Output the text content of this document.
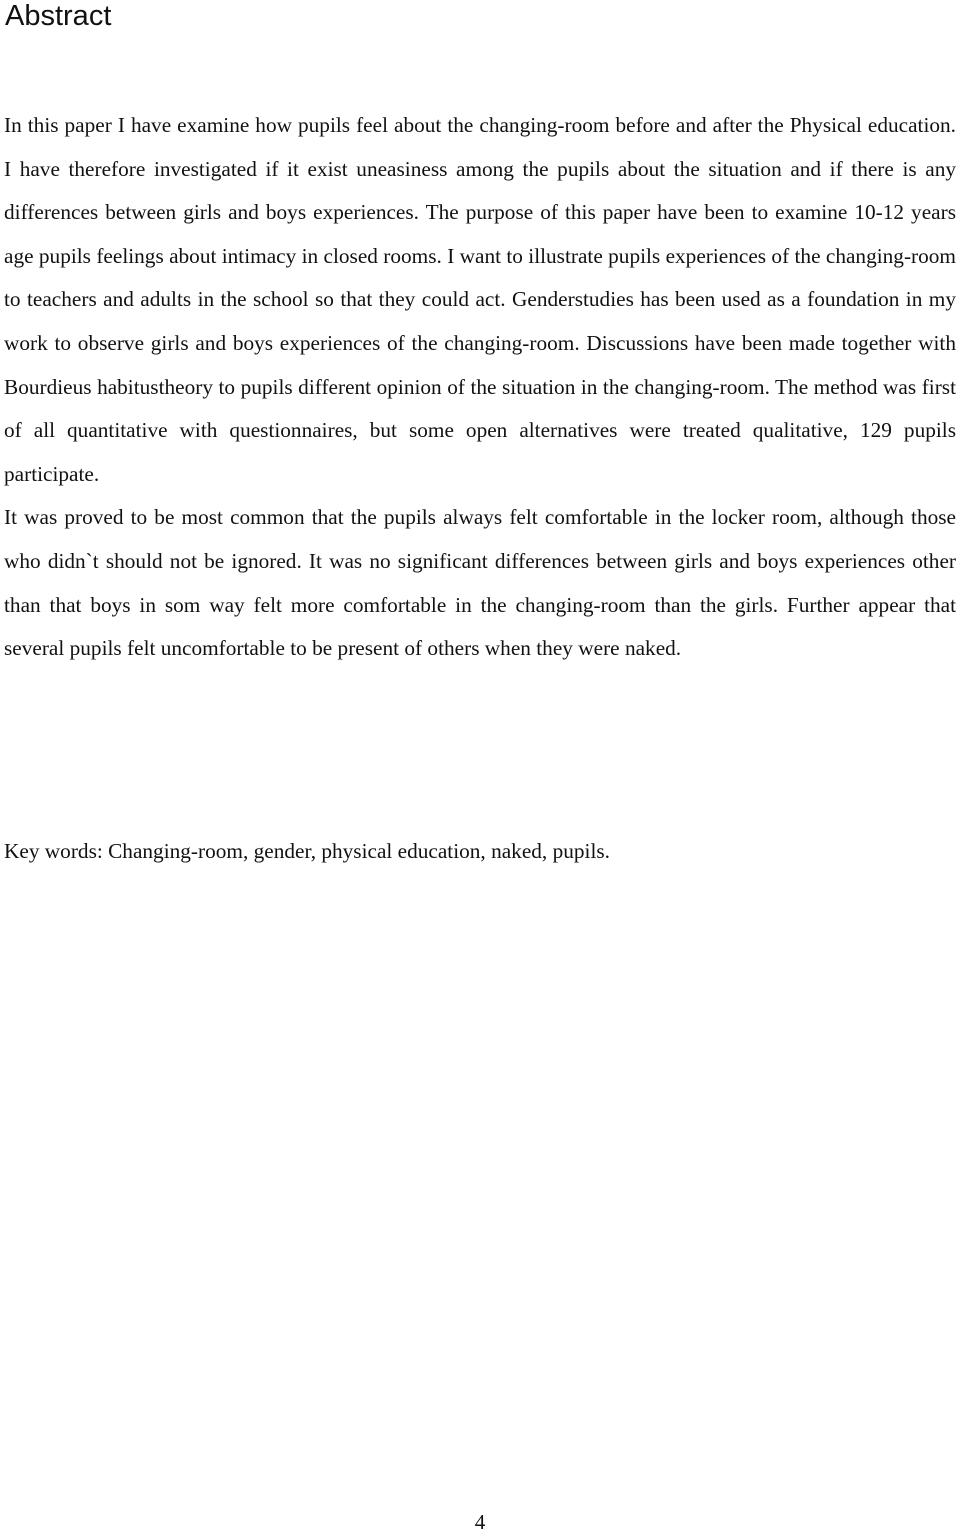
Abstract

In this paper I have examine how pupils feel about the changing-room before and after the Physical education. I have therefore investigated if it exist uneasiness among the pupils about the situation and if there is any differences between girls and boys experiences. The purpose of this paper have been to examine 10-12 years age pupils feelings about intimacy in closed rooms. I want to illustrate pupils experiences of the changing-room to teachers and adults in the school so that they could act. Genderstudies has been used as a foundation in my work to observe girls and boys experiences of the changing-room. Discussions have been made together with Bourdieus habitustheory to pupils different opinion of the situation in the changing-room. The method was first of all quantitative with questionnaires, but some open alternatives were treated qualitative, 129 pupils participate.

It was proved to be most common that the pupils always felt comfortable in the locker room, although those who didn`t should not be ignored. It was no significant differences between girls and boys experiences other than that boys in som way felt more comfortable in the changing-room than the girls. Further appear that several pupils felt uncomfortable to be present of others when they were naked.

Key words: Changing-room, gender, physical education, naked, pupils.

4
